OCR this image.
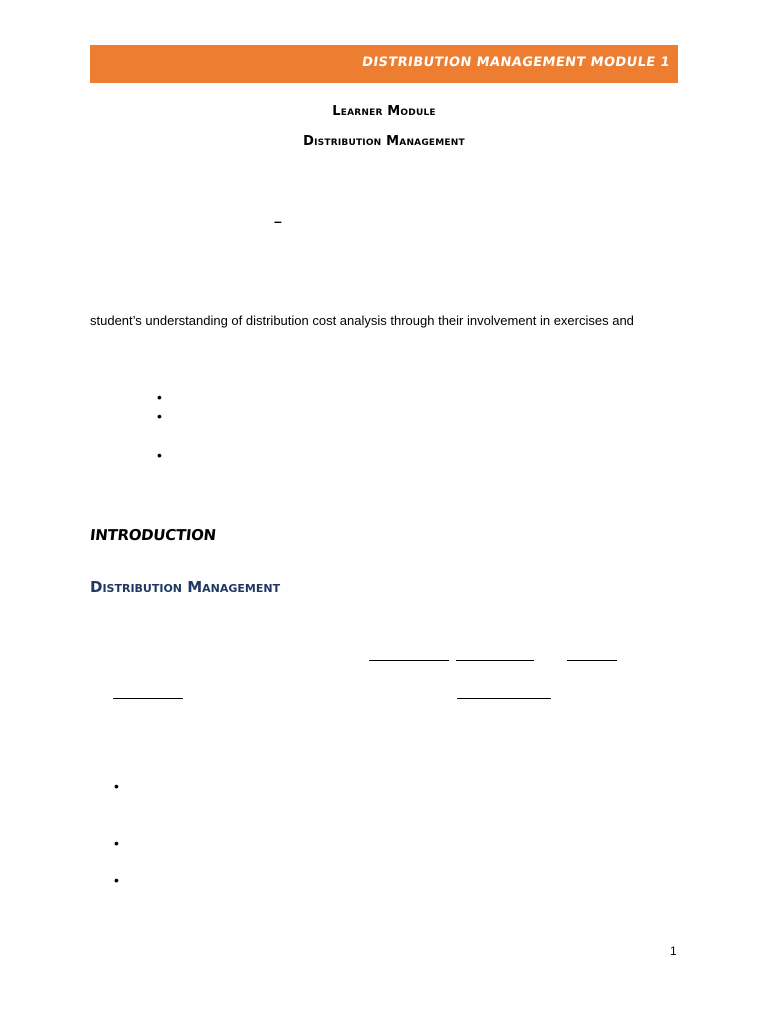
DISTRIBUTION MANAGEMENT MODULE 1
Learner Module
Distribution Management
–
student’s understanding of distribution cost analysis through their involvement in exercises and
•
•
•
INTRODUCTION
Distribution Management
•
•
•
1
